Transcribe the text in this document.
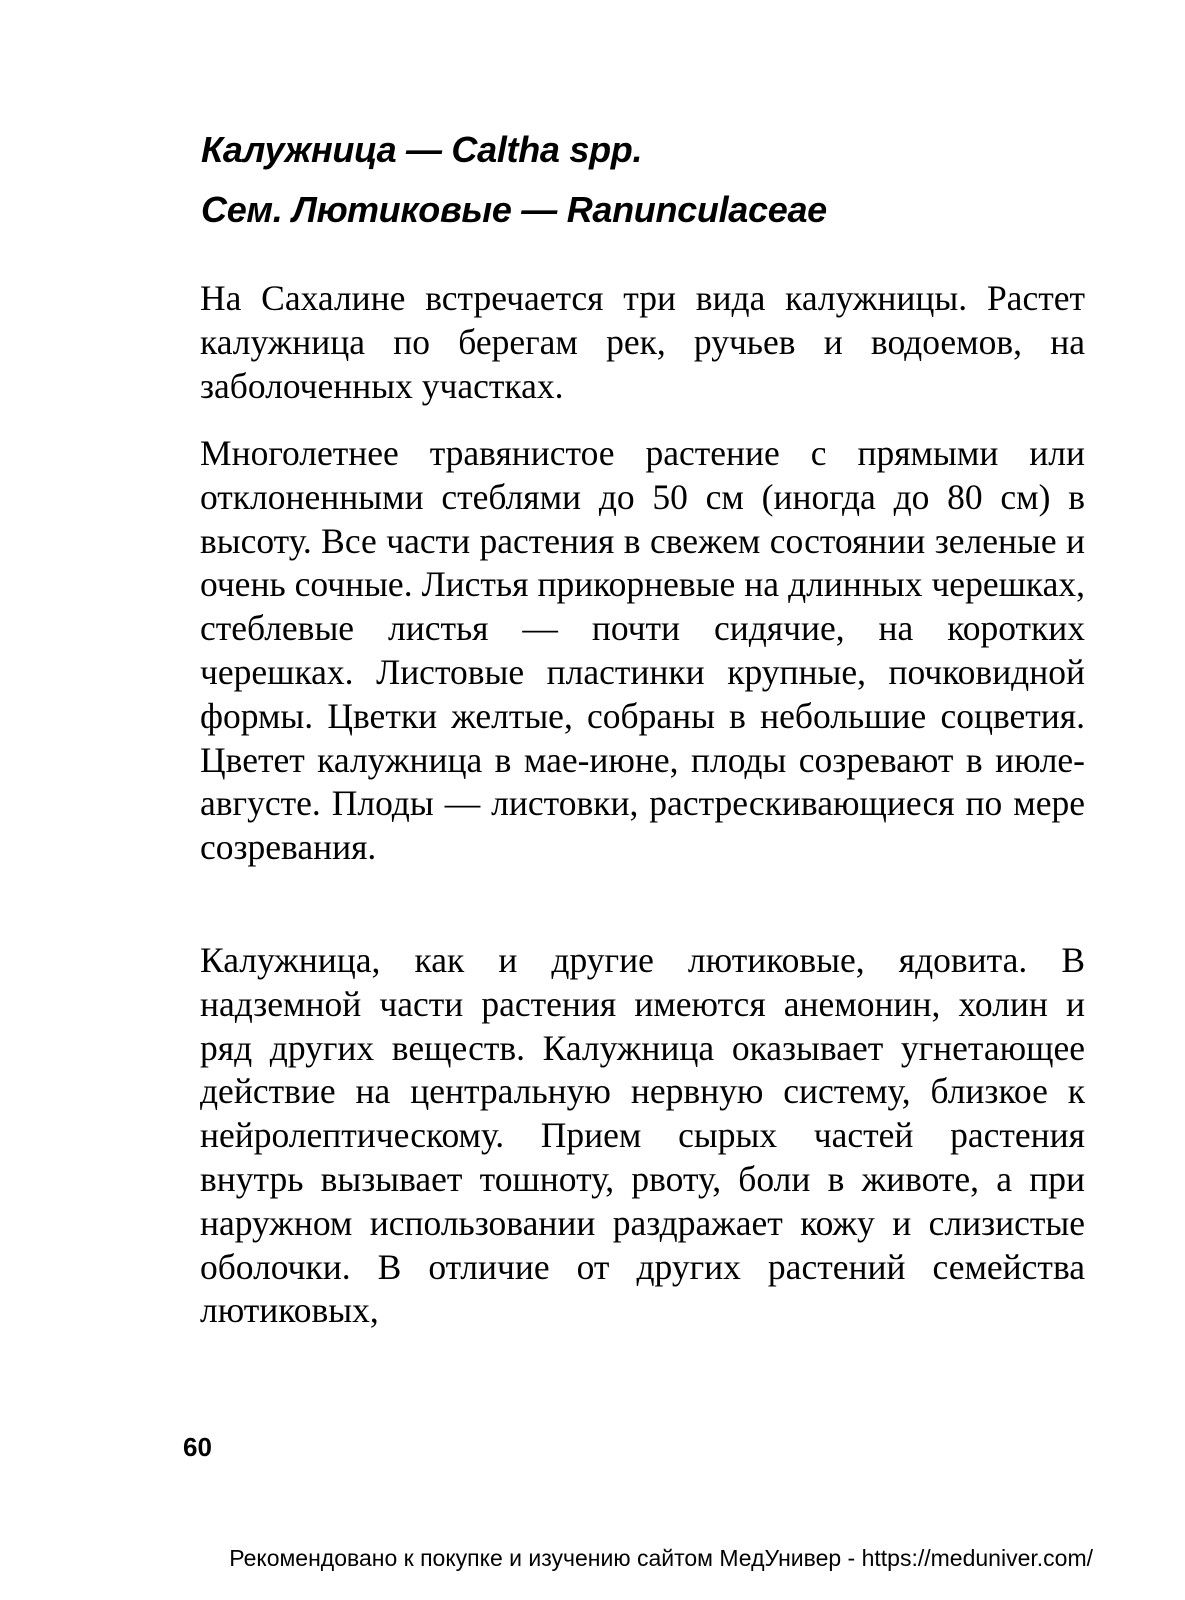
Калужница — Caltha spp.
Сем. Лютиковые — Ranunculaceae

На Сахалине встречается три вида калужницы. Растет калужница по берегам рек, ручьев и водоемов, на заболоченных участках.

Многолетнее травянистое растение с прямыми или отклоненными стеблями до 50 см (иногда до 80 см) в высоту. Все части растения в свежем состоянии зеленые и очень сочные. Листья прикорневые на длинных черешках, стеблевые листья — почти сидячие, на коротких черешках. Листовые пластинки крупные, почковидной формы. Цветки желтые, собраны в небольшие соцветия. Цветет калужница в мае-июне, плоды созревают в июле-августе. Плоды — листовки, растрескивающиеся по мере созревания.

Калужница, как и другие лютиковые, ядовита. В надземной части растения имеются анемонин, холин и ряд других веществ. Калужница оказывает угнетающее действие на центральную нервную систему, близкое к нейролептическому. Прием сырых частей растения внутрь вызывает тошноту, рвоту, боли в животе, а при наружном использовании раздражает кожу и слизистые оболочки. В отличие от других растений семейства лютиковых,

60
Рекомендовано к покупке и изучению сайтом МедУнивер - https://meduniver.com/
